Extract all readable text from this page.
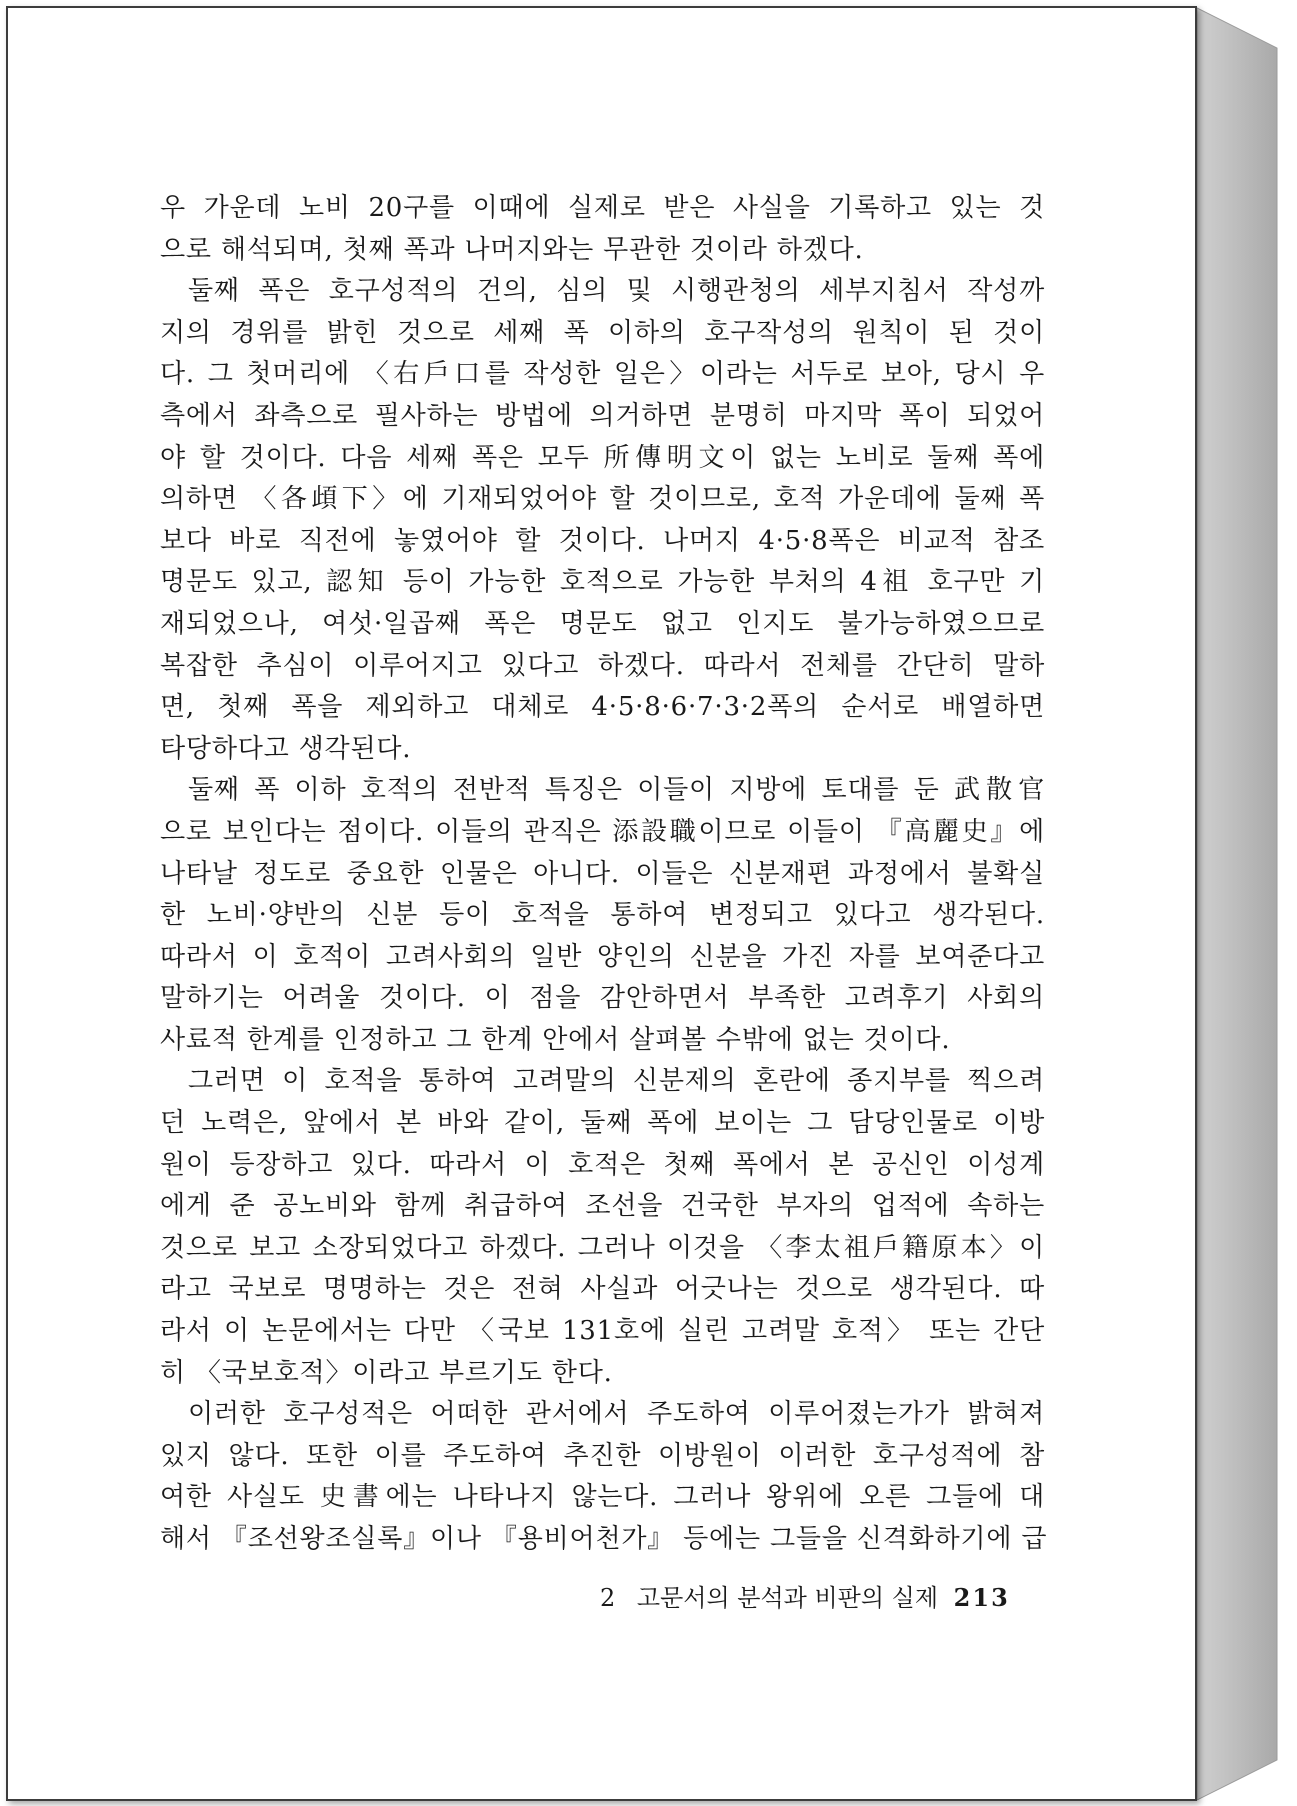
우 가운데 노비 20구를 이때에 실제로 받은 사실을 기록하고 있는 것
으로 해석되며, 첫째 폭과 나머지와는 무관한 것이라 하겠다.
둘째 폭은 호구성적의 건의, 심의 및 시행관청의 세부지침서 작성까
지의 경위를 밝힌 것으로 세째 폭 이하의 호구작성의 원칙이 된 것이
다. 그 첫머리에 〈右戶口를 작성한 일은〉이라는 서두로 보아, 당시 우
측에서 좌측으로 필사하는 방법에 의거하면 분명히 마지막 폭이 되었어
야 할 것이다. 다음 세째 폭은 모두 所傳明文이 없는 노비로 둘째 폭에
의하면 〈各頉下〉에 기재되었어야 할 것이므로, 호적 가운데에 둘째 폭
보다 바로 직전에 놓였어야 할 것이다. 나머지 4·5·8폭은 비교적 참조
명문도 있고, 認知 등이 가능한 호적으로 가능한 부처의 4祖 호구만 기
재되었으나, 여섯·일곱째 폭은 명문도 없고 인지도 불가능하였으므로
복잡한 추심이 이루어지고 있다고 하겠다. 따라서 전체를 간단히 말하
면, 첫째 폭을 제외하고 대체로 4·5·8·6·7·3·2폭의 순서로 배열하면
타당하다고 생각된다.
둘째 폭 이하 호적의 전반적 특징은 이들이 지방에 토대를 둔 武散官
으로 보인다는 점이다. 이들의 관직은 添設職이므로 이들이 『高麗史』에
나타날 정도로 중요한 인물은 아니다. 이들은 신분재편 과정에서 불확실
한 노비·양반의 신분 등이 호적을 통하여 변정되고 있다고 생각된다.
따라서 이 호적이 고려사회의 일반 양인의 신분을 가진 자를 보여준다고
말하기는 어려울 것이다. 이 점을 감안하면서 부족한 고려후기 사회의
사료적 한계를 인정하고 그 한계 안에서 살펴볼 수밖에 없는 것이다.
그러면 이 호적을 통하여 고려말의 신분제의 혼란에 종지부를 찍으려
던 노력은, 앞에서 본 바와 같이, 둘째 폭에 보이는 그 담당인물로 이방
원이 등장하고 있다. 따라서 이 호적은 첫째 폭에서 본 공신인 이성계
에게 준 공노비와 함께 취급하여 조선을 건국한 부자의 업적에 속하는
것으로 보고 소장되었다고 하겠다. 그러나 이것을 〈李太祖戶籍原本〉이
라고 국보로 명명하는 것은 전혀 사실과 어긋나는 것으로 생각된다. 따
라서 이 논문에서는 다만 〈국보 131호에 실린 고려말 호적〉 또는 간단
히 〈국보호적〉이라고 부르기도 한다.
이러한 호구성적은 어떠한 관서에서 주도하여 이루어졌는가가 밝혀져
있지 않다. 또한 이를 주도하여 추진한 이방원이 이러한 호구성적에 참
여한 사실도 史書에는 나타나지 않는다. 그러나 왕위에 오른 그들에 대
해서 『조선왕조실록』이나 『용비어천가』 등에는 그들을 신격화하기에 급
2 고문서의 분석과 비판의 실제 213
